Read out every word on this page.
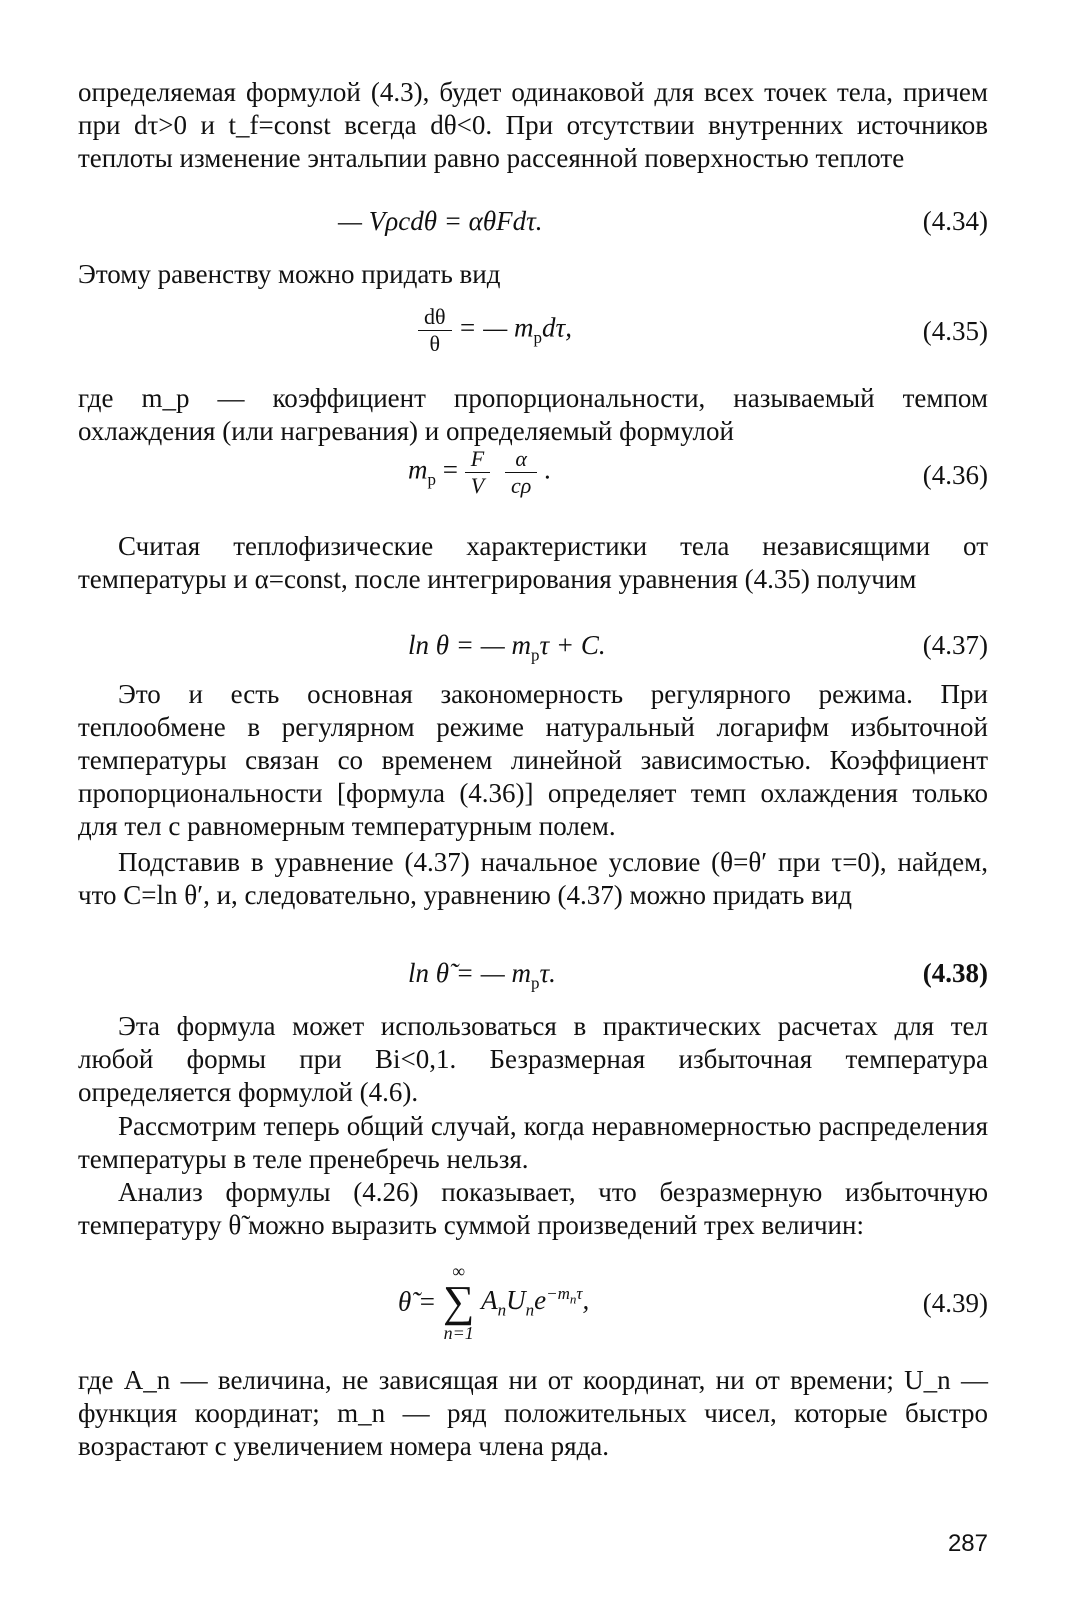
определяемая формулой (4.3), будет одинаковой для всех точек тела, причем при dτ>0 и t_f=const всегда dθ<0. При отсутствии внутренних источников теплоты изменение энтальпии равно рассеянной поверхностью теплоте

— Vρcdθ = αθFdτ.	(4.34)

Этому равенству можно придать вид

$\frac{d\theta}{\theta}$ = — $m_рd\tau$,	(4.35)

где m_р — коэффициент пропорциональности, называемый темпом охлаждения (или нагревания) и определяемый формулой

$m_р = \frac{F}{V}$
$\frac{\alpha}{c\rho}$ .	(4.36)

Считая теплофизические характеристики тела независящими от температуры и α=const, после интегрирования уравнения (4.35) получим

ln θ = — $m_р\tau + C$.	(4.37)

Это и есть основная закономерность регулярного режима. При теплообмене в регулярном режиме натуральный логарифм избыточной температуры связан со временем линейной зависимостью. Коэффициент пропорциональности [формула (4.36)] определяет темп охлаждения только для тел с равномерным температурным полем.

Подставив в уравнение (4.37) начальное условие (θ=θ′ при τ=0), найдем, что C=ln θ′, и, следовательно, уравнению (4.37) можно придать вид

ln θ̃ = — $m_р\tau$.	(4.38)

Эта формула может использоваться в практических расчетах для тел любой формы при Bi<0,1. Безразмерная избыточная температура определяется формулой (4.6).

Рассмотрим теперь общий случай, когда неравномерностью распределения температуры в теле пренебречь нельзя.

Анализ формулы (4.26) показывает, что безразмерную избыточную температуру θ̃ можно выразить суммой произведений трех величин:

θ̃ =
∞
∑
n=1
$A_nU_ne^{-m_n\tau}$,	(4.39)

где A_n — величина, не зависящая ни от координат, ни от времени; U_n — функция координат; m_n — ряд положительных чисел, которые быстро возрастают с увеличением номера члена ряда.

287
